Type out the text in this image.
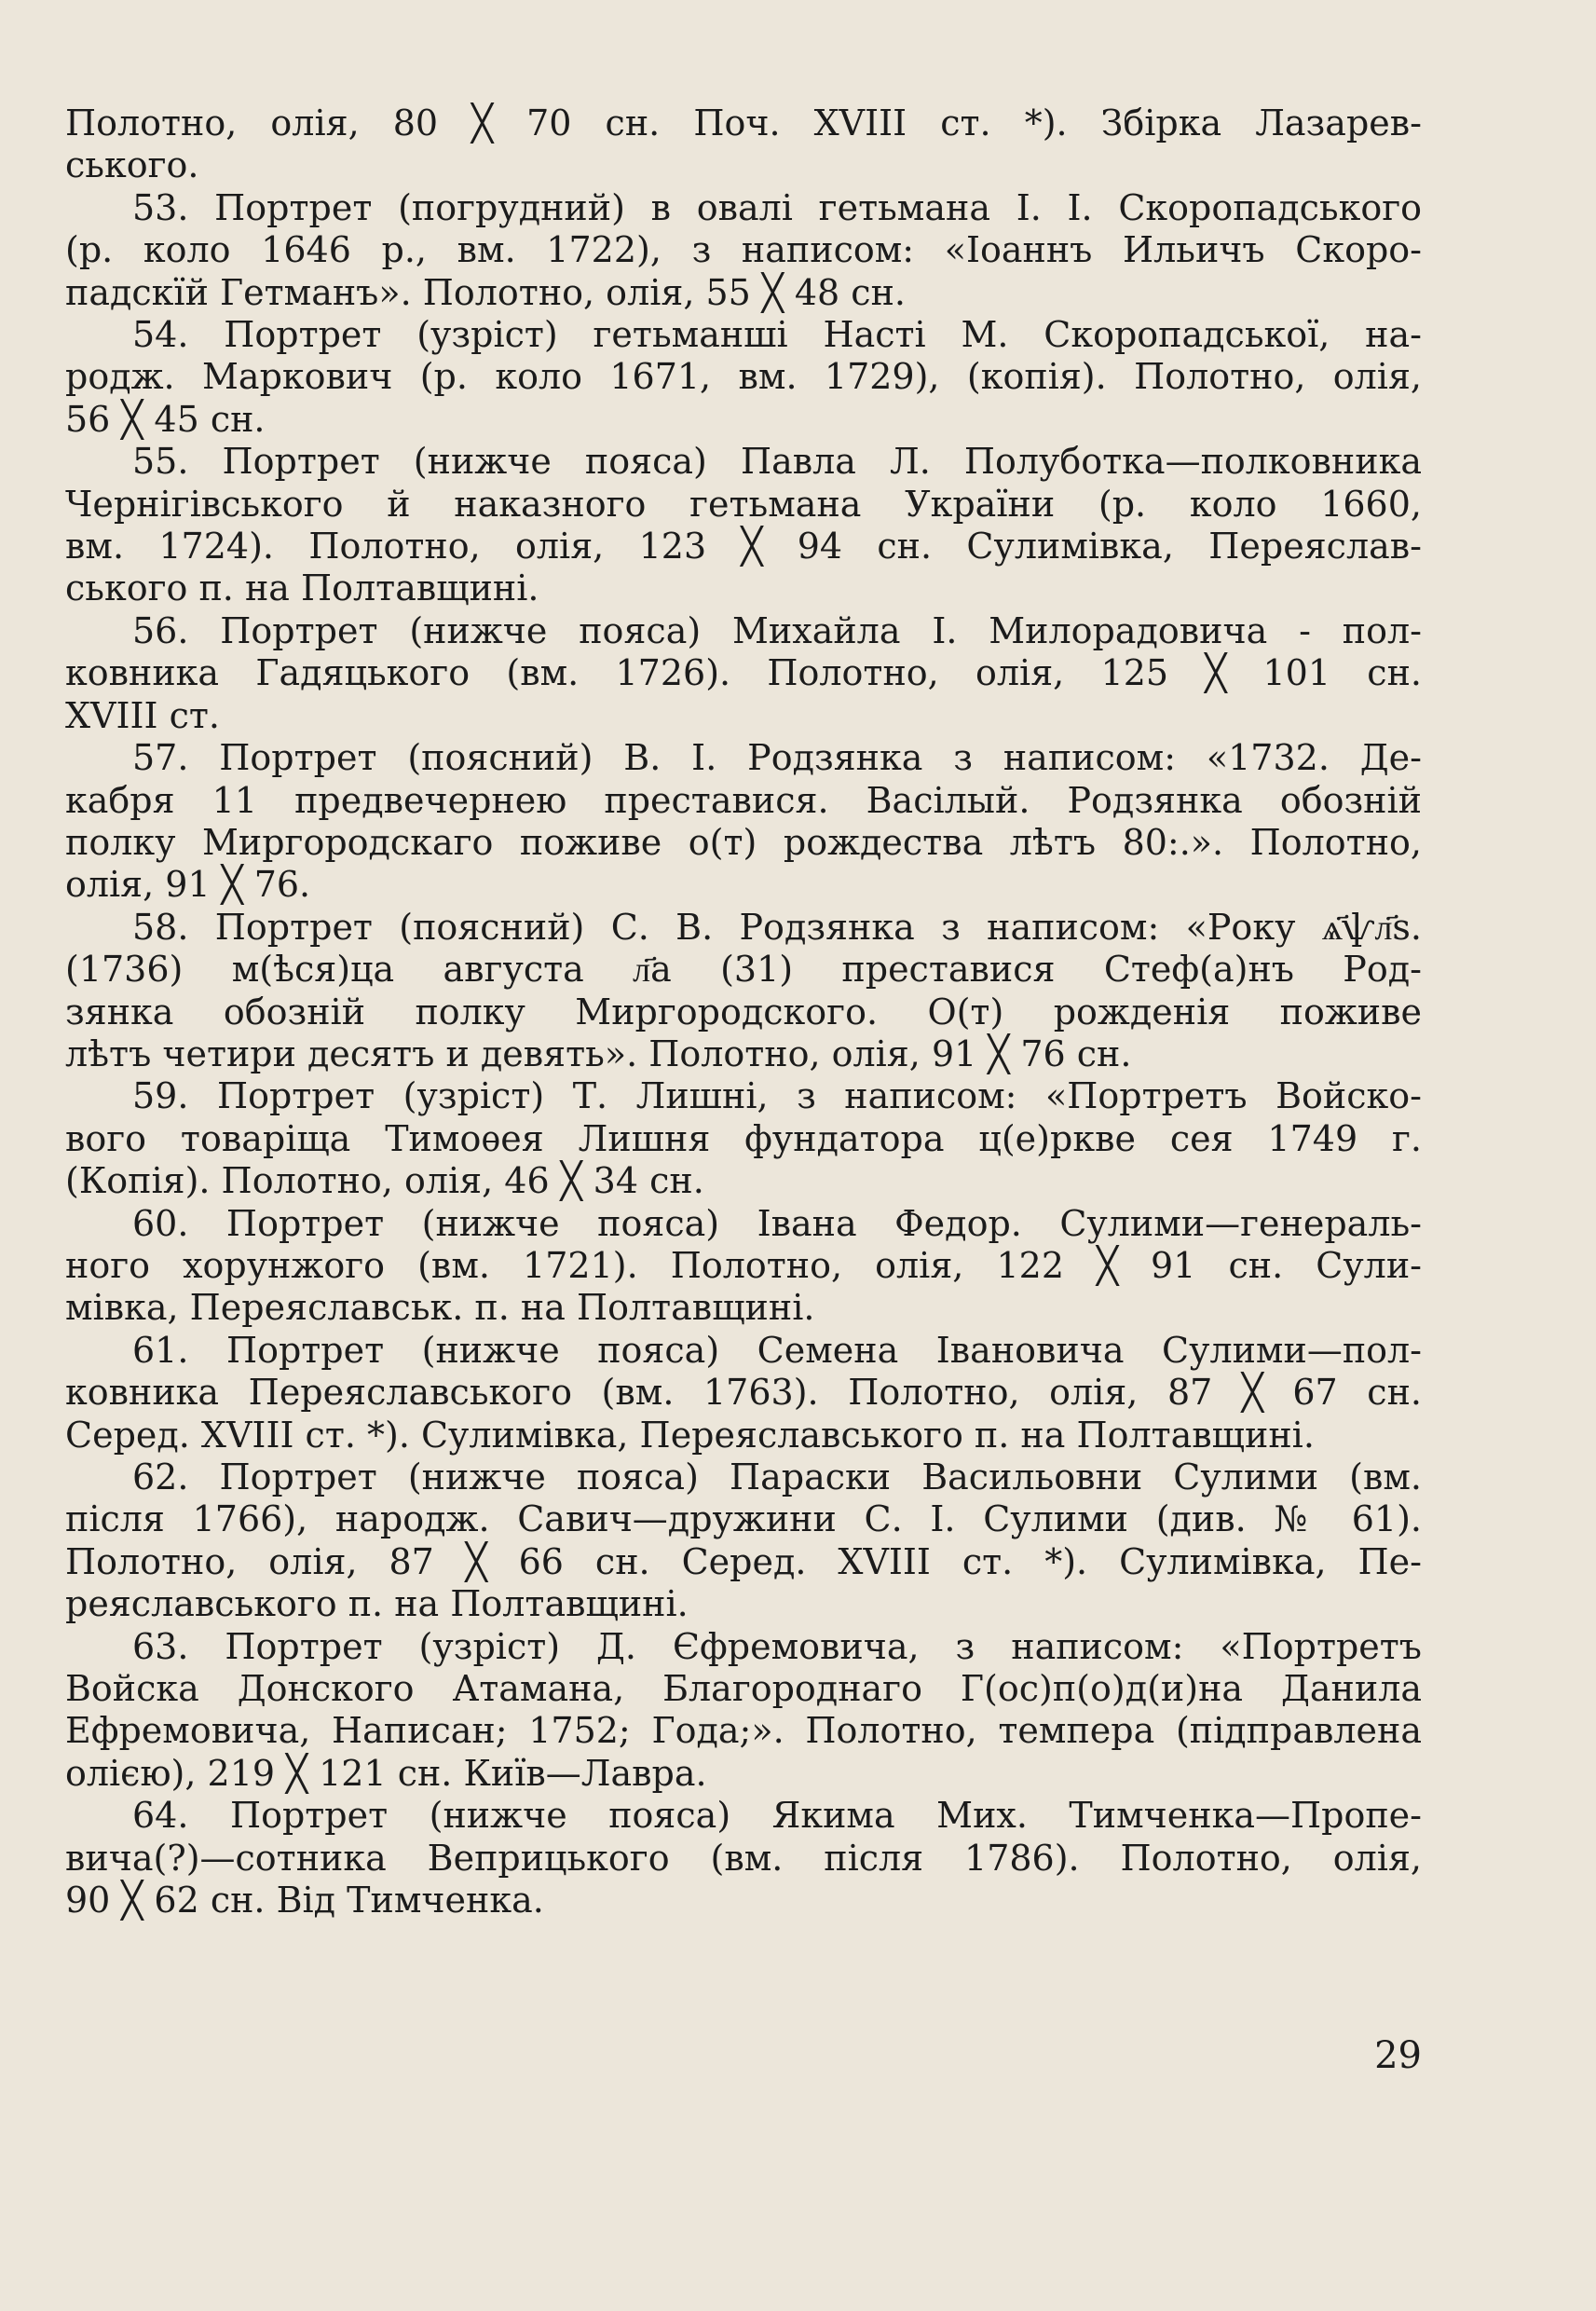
Полотно, олія, 80 ╳ 70 сн. Поч. XVIII ст. *). Збірка Лазарев-
ського.
53. Портрет (погрудний) в овалі гетьмана І. І. Скоропадського
(р. коло 1646 р., вм. 1722), з написом: «Іоаннъ Ильичъ Скоро-
падскїй Гетманъ». Полотно, олія, 55 ╳ 48 сн.
54. Портрет (узріст) гетьманші Насті М. Скоропадської, на-
родж. Маркович (р. коло 1671, вм. 1729), (копія). Полотно, олія,
56 ╳ 45 сн.
55. Портрет (нижче пояса) Павла Л. Полуботка—полковника
Чернігівського й наказного гетьмана України (р. коло 1660,
вм. 1724). Полотно, олія, 123 ╳ 94 сн. Сулимівка, Переяслав-
ського п. на Полтавщині.
56. Портрет (нижче пояса) Михайла І. Милорадовича - пол-
ковника Гадяцького (вм. 1726). Полотно, олія, 125 ╳ 101 сн.
XVIII ст.
57. Портрет (поясний) В. І. Родзянка з написом: «1732. Де-
кабря 11 предвечернею преставися. Васілый. Родзянка обозній
полку Миргородскаго поживе о(т) рождества лѣтъ 80:.». Полотно,
олія, 91 ╳ 76.
58. Портрет (поясний) С. В. Родзянка з написом: «Року ѧ҃ѱл҃ѕ.
(1736) м(ѣся)ца августа л҃а (31) преставися Стеф(а)нъ Род-
зянка обозній полку Миргородского. О(т) рожденія поживе
лѣтъ четири десятъ и девять». Полотно, олія, 91 ╳ 76 сн.
59. Портрет (узріст) Т. Лишні, з написом: «Портретъ Войско-
вого товаріща Тимоѳея Лишня фундатора ц(е)ркве сея 1749 г.
(Копія). Полотно, олія, 46 ╳ 34 сн.
60. Портрет (нижче пояса) Івана Федор. Сулими—генераль-
ного хорунжого (вм. 1721). Полотно, олія, 122 ╳ 91 сн. Сули-
мівка, Переяславськ. п. на Полтавщині.
61. Портрет (нижче пояса) Семена Івановича Сулими—пол-
ковника Переяславського (вм. 1763). Полотно, олія, 87 ╳ 67 сн.
Серед. XVIII ст. *). Сулимівка, Переяславського п. на Полтавщині.
62. Портрет (нижче пояса) Параски Васильовни Сулими (вм.
після 1766), народж. Савич—дружини С. І. Сулими (див. № 61).
Полотно, олія, 87 ╳ 66 сн. Серед. XVIII ст. *). Сулимівка, Пе-
реяславського п. на Полтавщині.
63. Портрет (узріст) Д. Єфремовича, з написом: «Портретъ
Войска Донского Атамана, Благороднаго Г(ос)п(о)д(и)на Данила
Ефремовича, Написан; 1752; Года;». Полотно, темпера (підправлена
олією), 219 ╳ 121 сн. Київ—Лавра.
64. Портрет (нижче пояса) Якима Мих. Тимченка—Пропе-
вича(?)—сотника Веприцького (вм. після 1786). Полотно, олія,
90 ╳ 62 сн. Від Тимченка.
29
